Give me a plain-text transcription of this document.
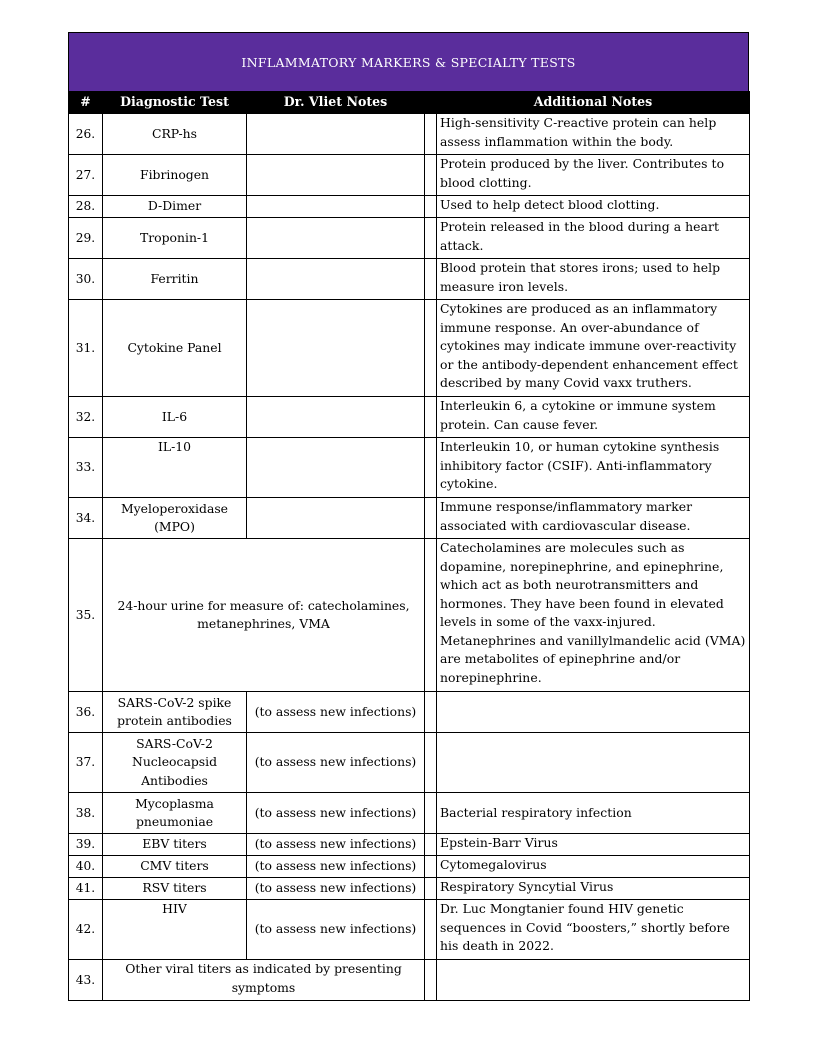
INFLAMMATORY MARKERS & SPECIALTY TESTS
#	Diagnostic Test	Dr. Vliet Notes		Additional Notes
26.	CRP-hs			High-sensitivity C-reactive protein can help assess inflammation within the body.
27.	Fibrinogen			Protein produced by the liver. Contributes to blood clotting.
28.	D-Dimer			Used to help detect blood clotting.
29.	Troponin-1			Protein released in the blood during a heart attack.
30.	Ferritin			Blood protein that stores irons; used to help measure iron levels.
31.	Cytokine Panel			Cytokines are produced as an inflammatory immune response. An over-abundance of cytokines may indicate immune over-reactivity or the antibody-dependent enhancement effect described by many Covid vaxx truthers.
32.	IL-6			Interleukin 6, a cytokine or immune system protein. Can cause fever.
33.	IL-10			Interleukin 10, or human cytokine synthesis inhibitory factor (CSIF). Anti-inflammatory cytokine.
34.	Myeloperoxidase (MPO)			Immune response/inflammatory marker associated with cardiovascular disease.
35.	24-hour urine for measure of: catecholamines, metanephrines, VMA			Catecholamines are molecules such as dopamine, norepinephrine, and epinephrine, which act as both neurotransmitters and hormones. They have been found in elevated levels in some of the vaxx-injured. Metanephrines and vanillylmandelic acid (VMA) are metabolites of epinephrine and/or norepinephrine.
36.	SARS-CoV-2 spike protein antibodies	(to assess new infections)		
37.	SARS-CoV-2 Nucleocapsid Antibodies	(to assess new infections)		
38.	Mycoplasma pneumoniae	(to assess new infections)		Bacterial respiratory infection
39.	EBV titers	(to assess new infections)		Epstein-Barr Virus
40.	CMV titers	(to assess new infections)		Cytomegalovirus
41.	RSV titers	(to assess new infections)		Respiratory Syncytial Virus
42.	HIV	(to assess new infections)		Dr. Luc Mongtanier found HIV genetic sequences in Covid “boosters,” shortly before his death in 2022.
43.	Other viral titers as indicated by presenting symptoms			
